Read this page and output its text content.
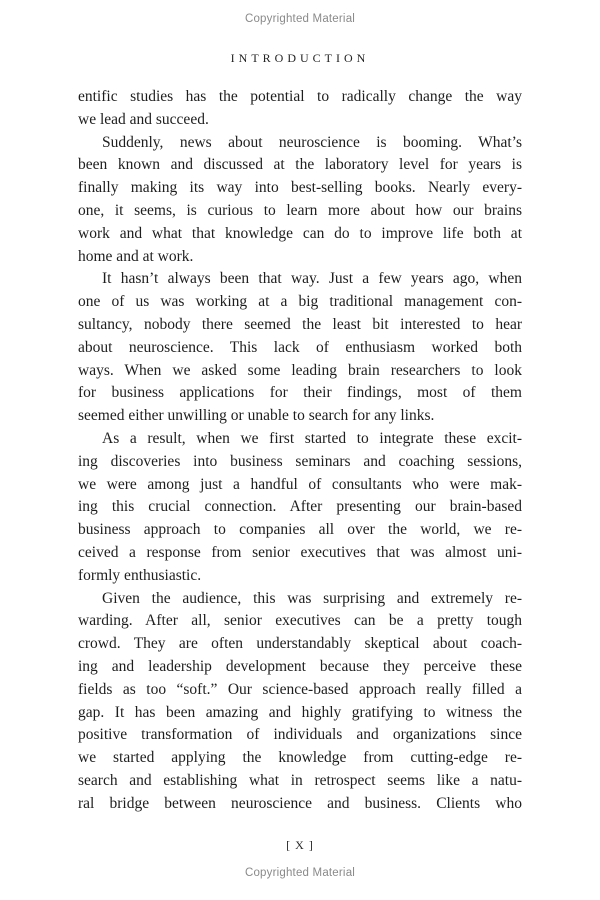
Copyrighted Material
INTRODUCTION
entific studies has the potential to radically change the way
we lead and succeed.
Suddenly, news about neuroscience is booming. What’s
been known and discussed at the laboratory level for years is
finally making its way into best-selling books. Nearly every-
one, it seems, is curious to learn more about how our brains
work and what that knowledge can do to improve life both at
home and at work.
It hasn’t always been that way. Just a few years ago, when
one of us was working at a big traditional management con-
sultancy, nobody there seemed the least bit interested to hear
about neuroscience. This lack of enthusiasm worked both
ways. When we asked some leading brain researchers to look
for business applications for their findings, most of them
seemed either unwilling or unable to search for any links.
As a result, when we first started to integrate these excit-
ing discoveries into business seminars and coaching sessions,
we were among just a handful of consultants who were mak-
ing this crucial connection. After presenting our brain-based
business approach to companies all over the world, we re-
ceived a response from senior executives that was almost uni-
formly enthusiastic.
Given the audience, this was surprising and extremely re-
warding. After all, senior executives can be a pretty tough
crowd. They are often understandably skeptical about coach-
ing and leadership development because they perceive these
fields as too “soft.” Our science-based approach really filled a
gap. It has been amazing and highly gratifying to witness the
positive transformation of individuals and organizations since
we started applying the knowledge from cutting-edge re-
search and establishing what in retrospect seems like a natu-
ral bridge between neuroscience and business. Clients who
[ X ]
Copyrighted Material
